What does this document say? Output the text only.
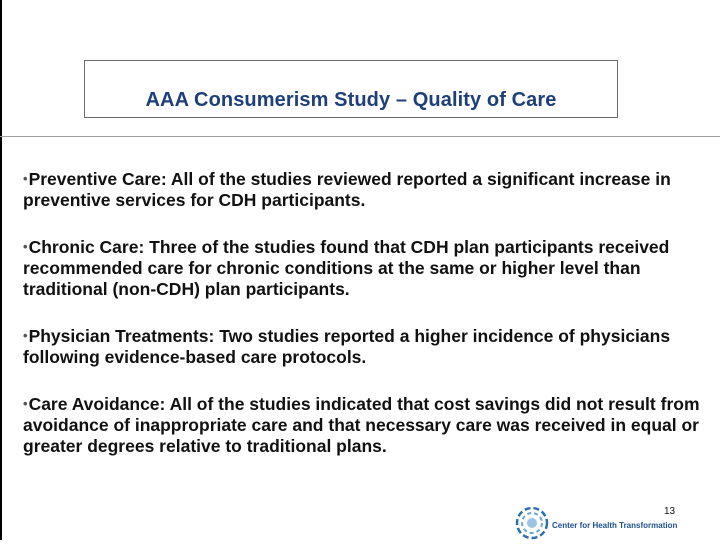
AAA Consumerism Study – Quality of Care
•Preventive Care: All of the studies reviewed reported a significant increase in preventive services for CDH participants.
•Chronic Care: Three of the studies found that CDH plan participants received recommended care for chronic conditions at the same or higher level than traditional (non-CDH) plan participants.
•Physician Treatments: Two studies reported a higher incidence of physicians following evidence-based care protocols.
•Care Avoidance: All of the studies indicated that cost savings did not result from avoidance of inappropriate care and that necessary care was received in equal or greater degrees relative to traditional plans.
13
Center for Health Transformation
